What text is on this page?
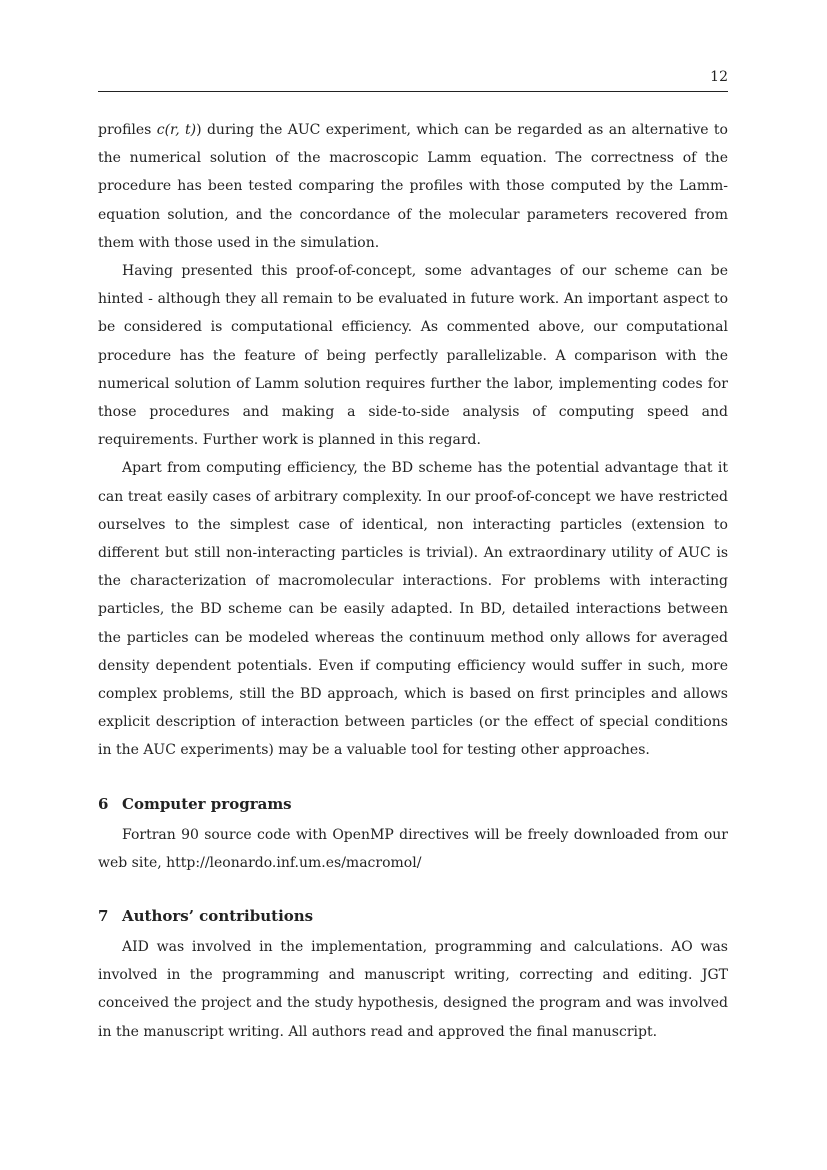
12

profiles c(r, t)) during the AUC experiment, which can be regarded as an alternative to the numerical solution of the macroscopic Lamm equation. The correctness of the procedure has been tested comparing the profiles with those computed by the Lamm-equation solution, and the concordance of the molecular parameters recovered from them with those used in the simulation.

Having presented this proof-of-concept, some advantages of our scheme can be hinted - although they all remain to be evaluated in future work. An important aspect to be considered is computational efficiency. As commented above, our computational procedure has the feature of being perfectly parallelizable. A comparison with the numerical solution of Lamm solution requires further the labor, implementing codes for those procedures and making a side-to-side analysis of computing speed and requirements. Further work is planned in this regard.

Apart from computing efficiency, the BD scheme has the potential advantage that it can treat easily cases of arbitrary complexity. In our proof-of-concept we have restricted ourselves to the simplest case of identical, non interacting particles (extension to different but still non-interacting particles is trivial). An extraordinary utility of AUC is the characterization of macromolecular interactions. For problems with interacting particles, the BD scheme can be easily adapted. In BD, detailed interactions between the particles can be modeled whereas the continuum method only allows for averaged density dependent potentials. Even if computing efficiency would suffer in such, more complex problems, still the BD approach, which is based on first principles and allows explicit description of interaction between particles (or the effect of special conditions in the AUC experiments) may be a valuable tool for testing other approaches.

6 Computer programs

Fortran 90 source code with OpenMP directives will be freely downloaded from our web site, http://leonardo.inf.um.es/macromol/

7 Authors’ contributions

AID was involved in the implementation, programming and calculations. AO was involved in the programming and manuscript writing, correcting and editing. JGT conceived the project and the study hypothesis, designed the program and was involved in the manuscript writing. All authors read and approved the final manuscript.
